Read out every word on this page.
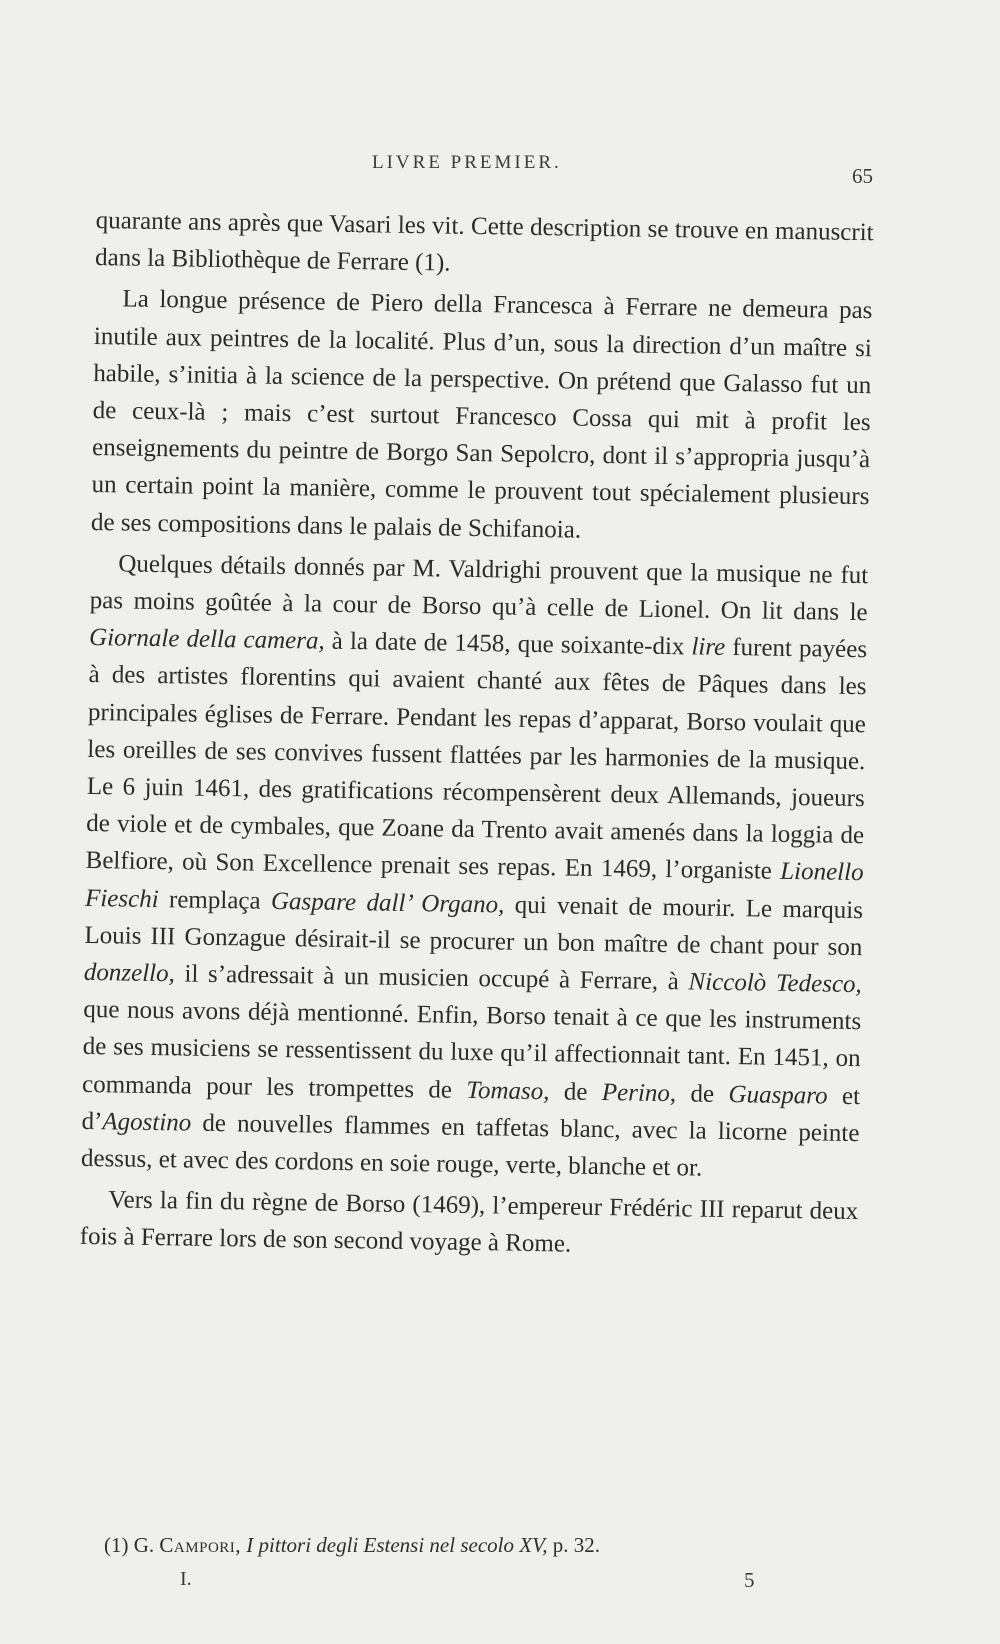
LIVRE PREMIER.
65

quarante ans après que Vasari les vit. Cette description se trouve en manuscrit dans la Bibliothèque de Ferrare (1).

La longue présence de Piero della Francesca à Ferrare ne demeura pas inutile aux peintres de la localité. Plus d’un, sous la direction d’un maître si habile, s’initia à la science de la perspective. On prétend que Galasso fut un de ceux-là ; mais c’est surtout Francesco Cossa qui mit à profit les enseignements du peintre de Borgo San Sepolcro, dont il s’appropria jusqu’à un certain point la manière, comme le prouvent tout spécialement plusieurs de ses compositions dans le palais de Schifanoia.

Quelques détails donnés par M. Valdrighi prouvent que la musique ne fut pas moins goûtée à la cour de Borso qu’à celle de Lionel. On lit dans le Giornale della camera, à la date de 1458, que soixante-dix lire furent payées à des artistes florentins qui avaient chanté aux fêtes de Pâques dans les principales églises de Ferrare. Pendant les repas d’apparat, Borso voulait que les oreilles de ses convives fussent flattées par les harmonies de la musique. Le 6 juin 1461, des gratifications récompensèrent deux Allemands, joueurs de viole et de cymbales, que Zoane da Trento avait amenés dans la loggia de Belfiore, où Son Excellence prenait ses repas. En 1469, l’organiste Lionello Fieschi remplaça Gaspare dall’ Organo, qui venait de mourir. Le marquis Louis III Gonzague désirait-il se procurer un bon maître de chant pour son donzello, il s’adressait à un musicien occupé à Ferrare, à Niccolò Tedesco, que nous avons déjà mentionné. Enfin, Borso tenait à ce que les instruments de ses musiciens se ressentissent du luxe qu’il affectionnait tant. En 1451, on commanda pour les trompettes de Tomaso, de Perino, de Guasparo et d’Agostino de nouvelles flammes en taffetas blanc, avec la licorne peinte dessus, et avec des cordons en soie rouge, verte, blanche et or.

Vers la fin du règne de Borso (1469), l’empereur Frédéric III reparut deux fois à Ferrare lors de son second voyage à Rome.

(1) G. Campori, I pittori degli Estensi nel secolo XV, p. 32.
I.	5
